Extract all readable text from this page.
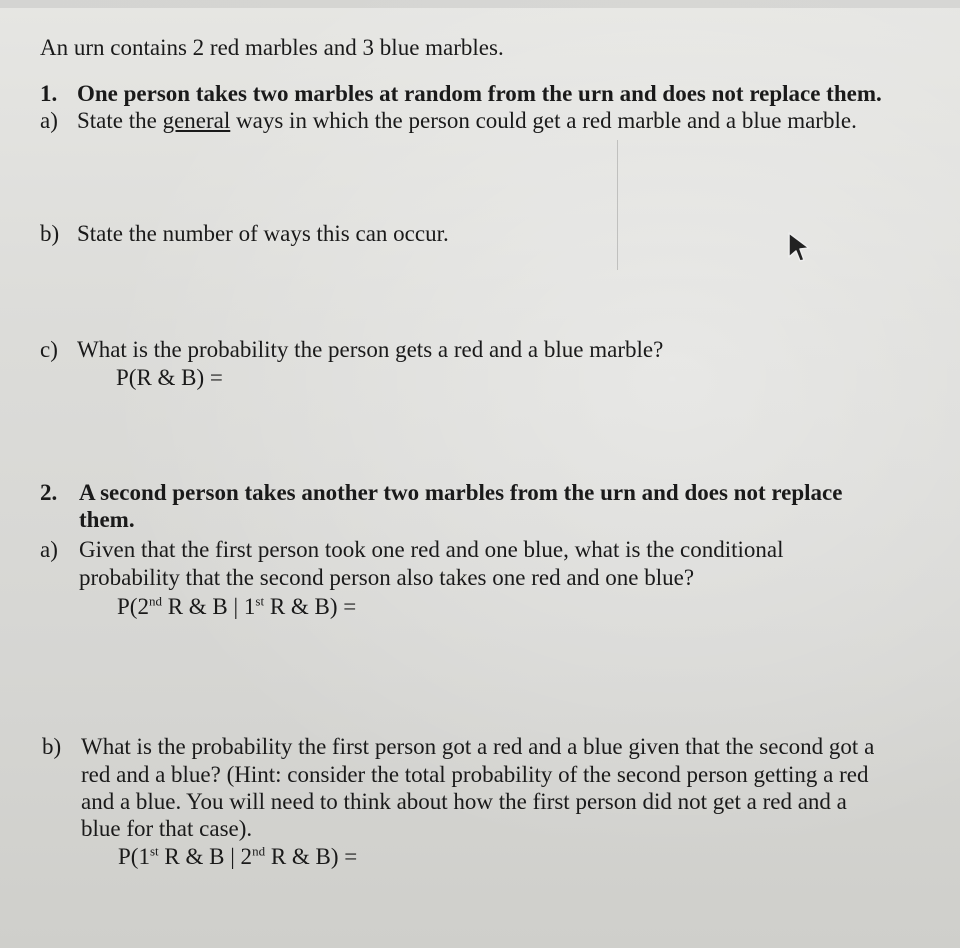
An urn contains 2 red marbles and 3 blue marbles.
1. One person takes two marbles at random from the urn and does not replace them.
a) State the general ways in which the person could get a red marble and a blue marble.
b) State the number of ways this can occur.
c) What is the probability the person gets a red and a blue marble?
P(R & B) =
2. A second person takes another two marbles from the urn and does not replace
them.
a) Given that the first person took one red and one blue, what is the conditional
probability that the second person also takes one red and one blue?
P(2nd R & B | 1st R & B) =
b) What is the probability the first person got a red and a blue given that the second got a
red and a blue? (Hint: consider the total probability of the second person getting a red
and a blue. You will need to think about how the first person did not get a red and a
blue for that case).
P(1st R & B | 2nd R & B) =
